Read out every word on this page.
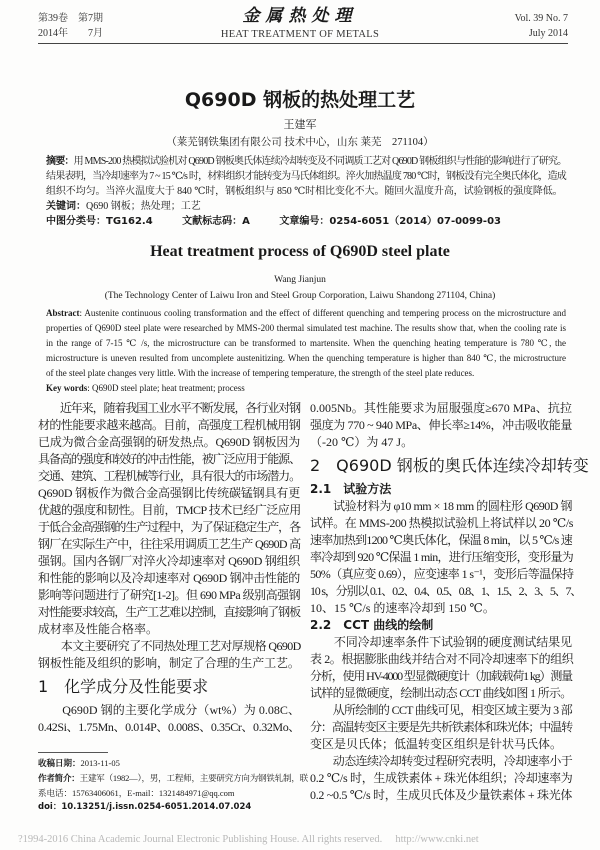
第39卷　第7期
2014年　　7月
金属热处理
HEAT TREATMENT OF METALS
Vol. 39 No. 7
July 2014
Q690D 钢板的热处理工艺
王建军
（莱芜钢铁集团有限公司 技术中心，山东 莱芜　271104）
摘要：用 MMS-200 热模拟试验机对 Q690D 钢板奥氏体连续冷却转变及不同调质工艺对 Q690D 钢板组织与性能的影响进行了研究。
结果表明，当冷却速率为 7 ~ 15 ℃/s 时，材料组织才能转变为马氏体组织。淬火加热温度 780 ℃时，钢板没有完全奥氏体化，造成
组织不均匀。当淬火温度大于 840 ℃时，钢板组织与 850 ℃时相比变化不大。随回火温度升高，试验钢板的强度降低。
关键词：Q690 钢板；热处理；工艺
中图分类号：TG162.4	文献标志码：A	文章编号：0254-6051（2014）07-0099-03
Heat treatment process of Q690D steel plate
Wang Jianjun
(The Technology Center of Laiwu Iron and Steel Group Corporation, Laiwu Shandong 271104, China)
Abstract: Austenite continuous cooling transformation and the effect of different quenching and tempering process on the microstructure and
properties of Q690D steel plate were researched by MMS-200 thermal simulated test machine. The results show that, when the cooling rate is
in the range of 7-15 ℃ /s, the microstructure can be transformed to martensite. When the quenching heating temperature is 780 ℃, the
microstructure is uneven resulted from uncomplete austenitizing. When the quenching temperature is higher than 840 ℃, the microstructure
of the steel plate changes very little. With the increase of tempering temperature, the strength of the steel plate reduces.
Key words: Q690D steel plate; heat treatment; process
　　近年来，随着我国工业水平不断发展，各行业对钢
材的性能要求越来越高。目前，高强度工程机械用钢
已成为微合金高强钢的研发热点。Q690D 钢板因为
具备高的强度和较好的冲击性能，被广泛应用于能源、
交通、建筑、工程机械等行业，具有很大的市场潜力。
Q690D 钢板作为微合金高强钢比传统碳锰钢具有更
优越的强度和韧性。目前，TMCP 技术已经广泛应用
于低合金高强钢的生产过程中，为了保证稳定生产，各
钢厂在实际生产中，往往采用调质工艺生产 Q690D 高
强钢。国内各钢厂对淬火冷却速率对 Q690D 钢组织
和性能的影响以及冷却速率对 Q690D 钢冲击性能的
影响等问题进行了研究[1-2]。但 690 MPa 级别高强钢
对性能要求较高，生产工艺难以控制，直接影响了钢板
成材率及性能合格率。
　　本文主要研究了不同热处理工艺对厚规格 Q690D
钢板性能及组织的影响，制定了合理的生产工艺。
1　化学成分及性能要求
　　Q690D 钢的主要化学成分（wt%）为 0.08C、
0.42Si、1.75Mn、0.014P、0.008S、0.35Cr、0.32Mo、
0.005Nb。其性能要求为屈服强度≥670 MPa、抗拉
强度为 770 ~ 940 MPa、伸长率≥14%，冲击吸收能量
（-20 ℃）为 47 J。
2　Q690D 钢板的奥氏体连续冷却转变
2.1　试验方法
　　试验材料为 φ10 mm × 18 mm 的圆柱形 Q690D 钢
试样。在 MMS-200 热模拟试验机上将试样以 20 ℃/s
速率加热到1200 ℃奥氏体化，保温 8 min，以 5 ℃/s 速
率冷却到 920 ℃保温 1 min，进行压缩变形，变形量为
50%（真应变 0.69），应变速率 1 s⁻¹，变形后等温保持
10 s，分别以 0.1、0.2、0.4、0.5、0.8、1、1.5、2、3、5、7、
10、15 ℃/s 的速率冷却到 150 ℃。
2.2　CCT 曲线的绘制
　　不同冷却速率条件下试验钢的硬度测试结果见
表 2。根据膨胀曲线并结合对不同冷却速率下的组织
分析，使用 HV-4000 型显微硬度计（加载载荷1 kg）测量
试样的显微硬度，绘制出动态 CCT 曲线如图 1 所示。
　　从所绘制的 CCT 曲线可见，相变区域主要为 3 部
分：高温转变区主要是先共析铁素体和珠光体；中温转
变区是贝氏体；低温转变区组织是针状马氏体。
　　动态连续冷却转变过程研究表明，冷却速率小于
0.2 ℃/s 时，生成铁素体 + 珠光体组织；冷却速率为
0.2 ~0.5 ℃/s 时，生成贝氏体及少量铁素体 + 珠光体
收稿日期：2013-11-05
作者简介：王建军（1982—），男，工程师，主要研究方向为钢铁轧制，联
系电话：15763406061，E-mail：1321484971@qq.com
doi：10.13251/j.issn.0254-6051.2014.07.024
?1994-2016 China Academic Journal Electronic Publishing House. All rights reserved.　 http://www.cnki.net
